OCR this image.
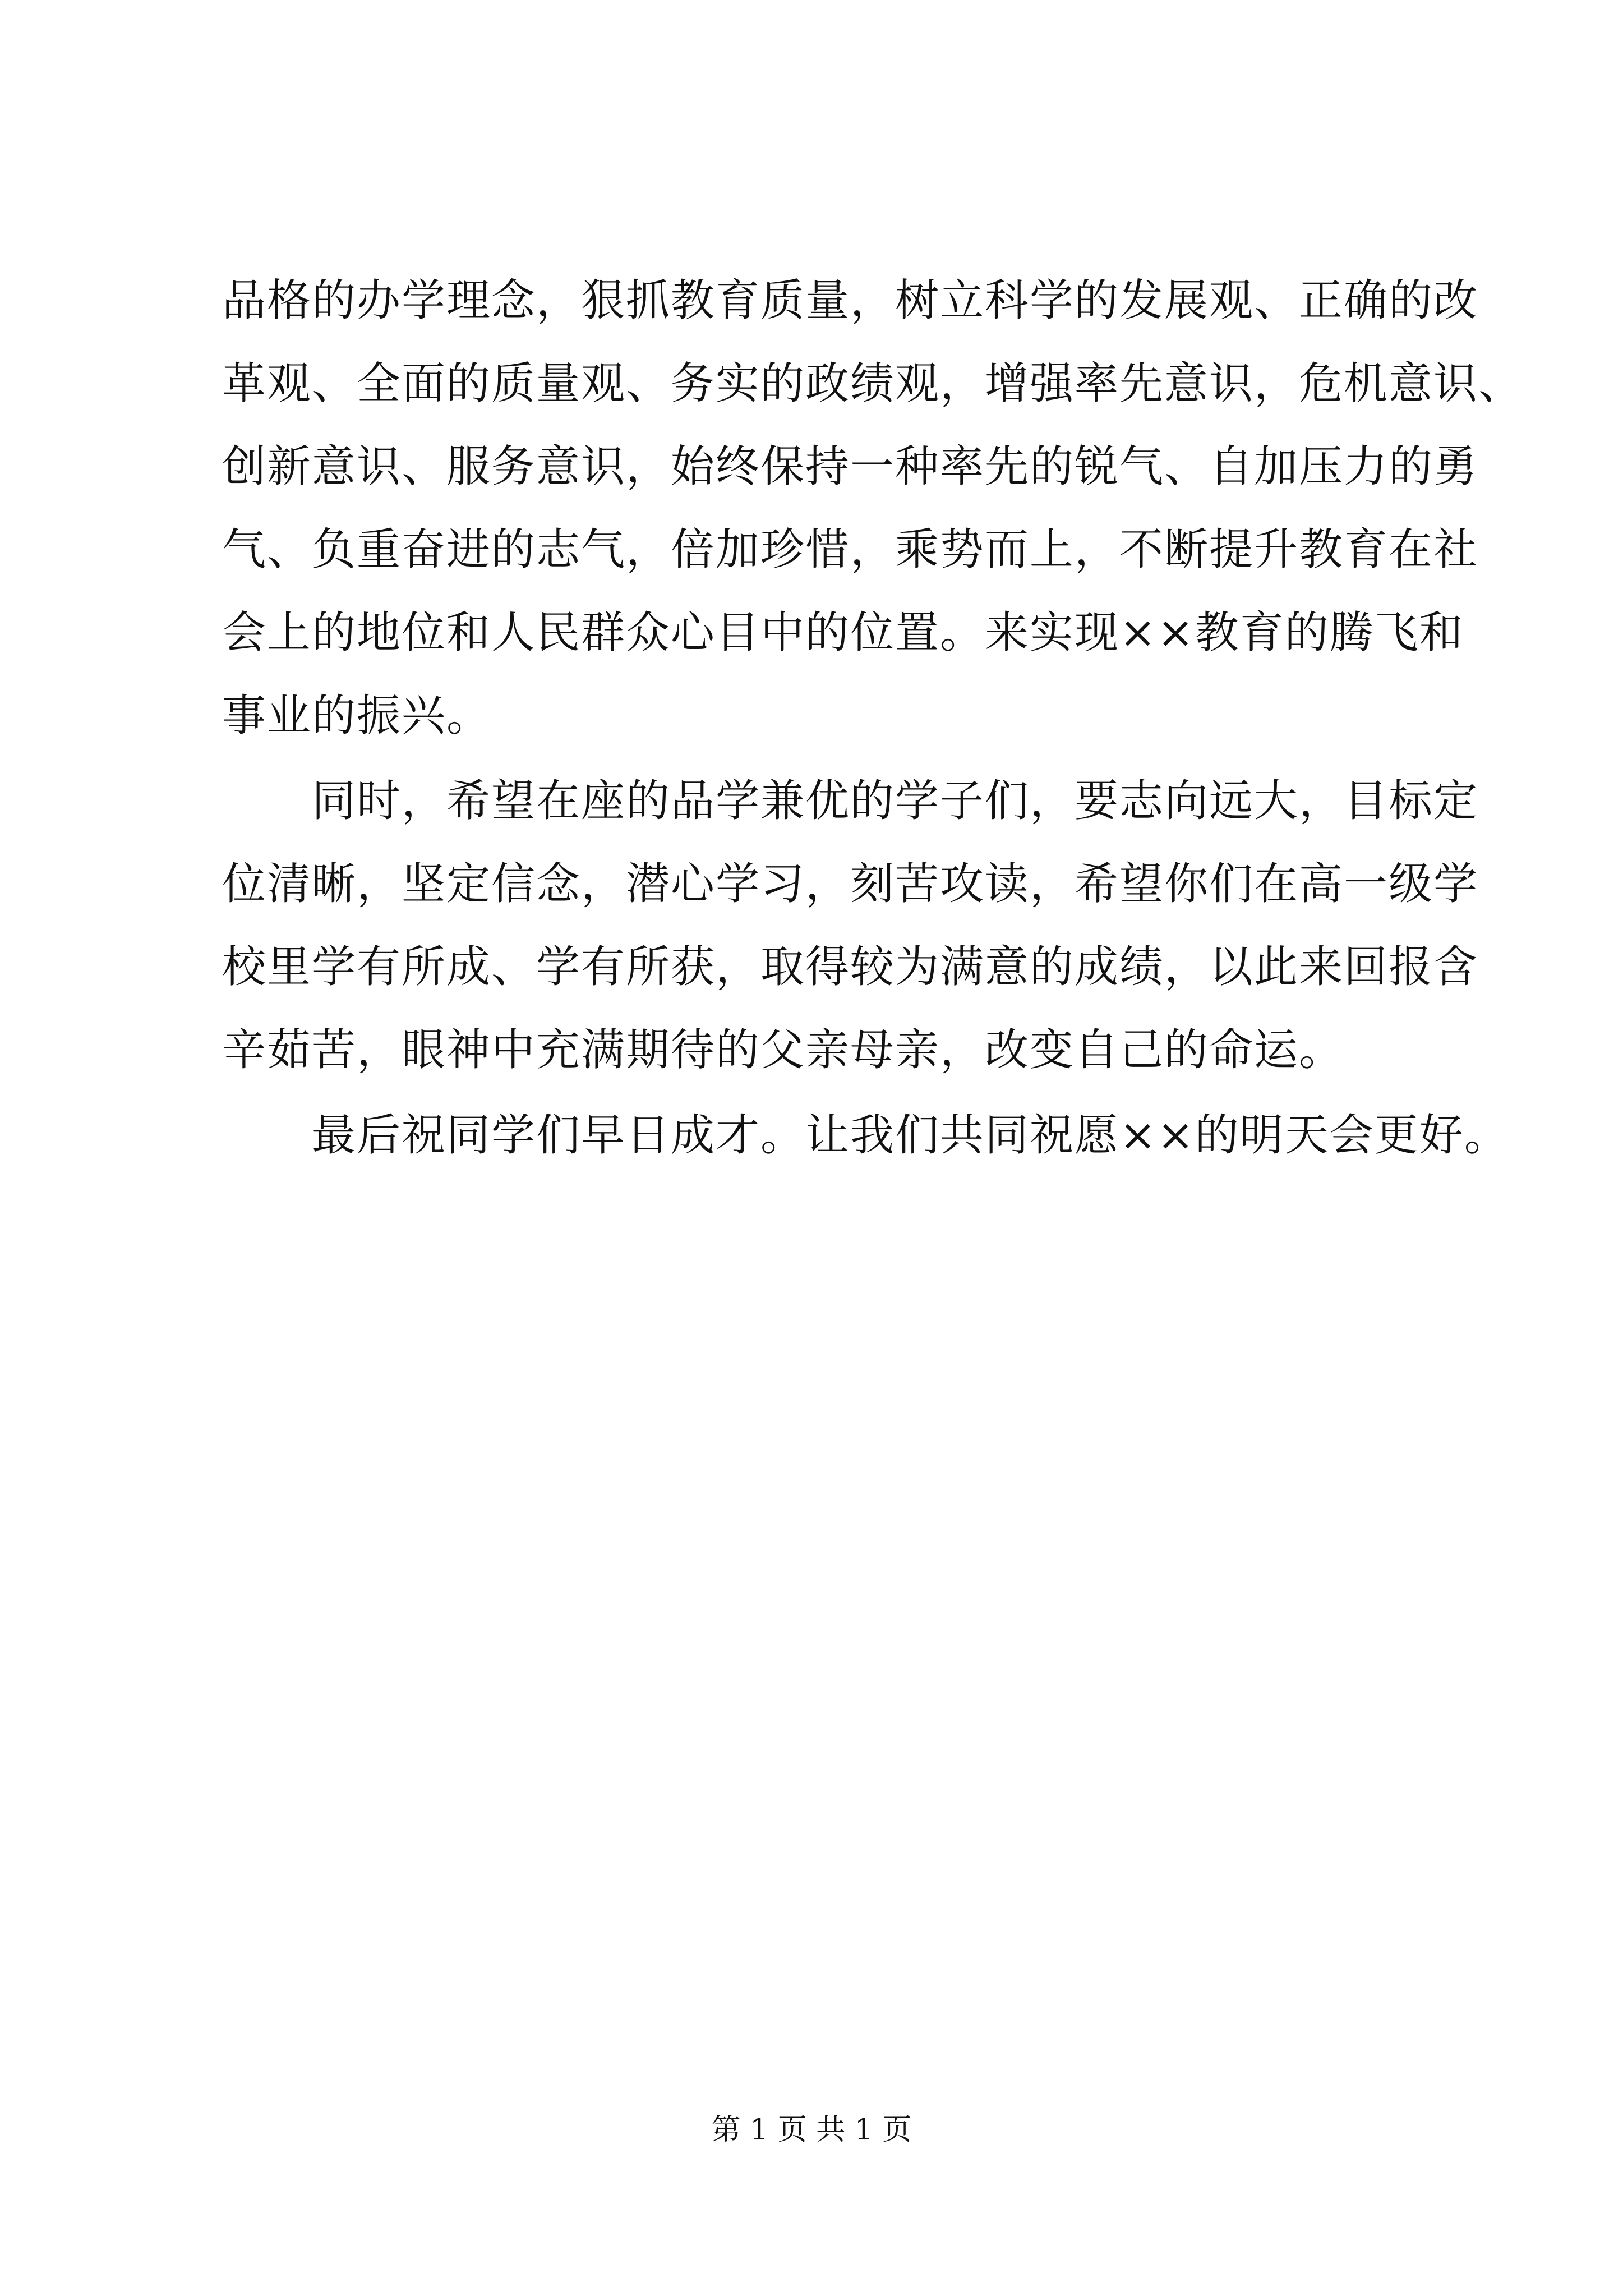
品格的办学理念，狠抓教育质量，树立科学的发展观、正确的改
革观、全面的质量观、务实的政绩观，增强率先意识，危机意识、
创新意识、服务意识，始终保持一种率先的锐气、自加压力的勇
气、负重奋进的志气，倍加珍惜，乘势而上，不断提升教育在社
会上的地位和人民群众心目中的位置。来实现××教育的腾飞和
事业的振兴。
同时，希望在座的品学兼优的学子们，要志向远大，目标定
位清晰，坚定信念，潜心学习，刻苦攻读，希望你们在高一级学
校里学有所成、学有所获，取得较为满意的成绩，以此来回报含
辛茹苦，眼神中充满期待的父亲母亲，改变自己的命运。
最后祝同学们早日成才。让我们共同祝愿××的明天会更好。
第 1 页 共 1 页
